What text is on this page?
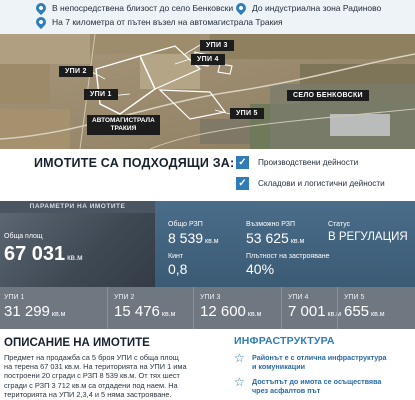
В непосредствена близост до село Бенковски До индустриална зона Радиново
На 7 километра от пътен възел на автомагистрала Тракия
УПИ 3
УПИ 4
УПИ 2
УПИ 1	СЕЛО БЕНКОВСКИ
УПИ 5
АВТОМАГИСТРАЛА
ТРАКИЯ
ИМОТИТЕ СА ПОДХОДЯЩИ ЗА: ✓ Производствени дейности
✓ Складови и логистични дейности
ПАРАМЕТРИ НА ИМОТИТЕ
Обща площ
67 031 кв.м
Общо РЗП
8 539 кв.м
Възможно РЗП
53 625 кв.м
Статус
В РЕГУЛАЦИЯ
Кинт
0,8
Плътност на застрояване
40%
УПИ 1
31 299 кв.м
УПИ 2
15 476 кв.м
УПИ 3
12 600 кв.м
УПИ 4
7 001 кв.м
УПИ 5
655 кв.м
ОПИСАНИЕ НА ИМОТИТЕ
Предмет на продажба са 5 броя УПИ с обща площ
на терена 67 031 кв.м. На територията на УПИ 1 има
построени 20 сгради с РЗП 8 539 кв.м. От тях шест
сгради с РЗП 3 712 кв.м са отдадени под наем. На
територията на УПИ 2,3,4 и 5 няма застрояване.
ИНФРАСТРУКТУРА
☆ Районът е с отлична инфраструктура
и комуникации
☆ Достъпът до имота се осъществява
чрез асфалтов път
